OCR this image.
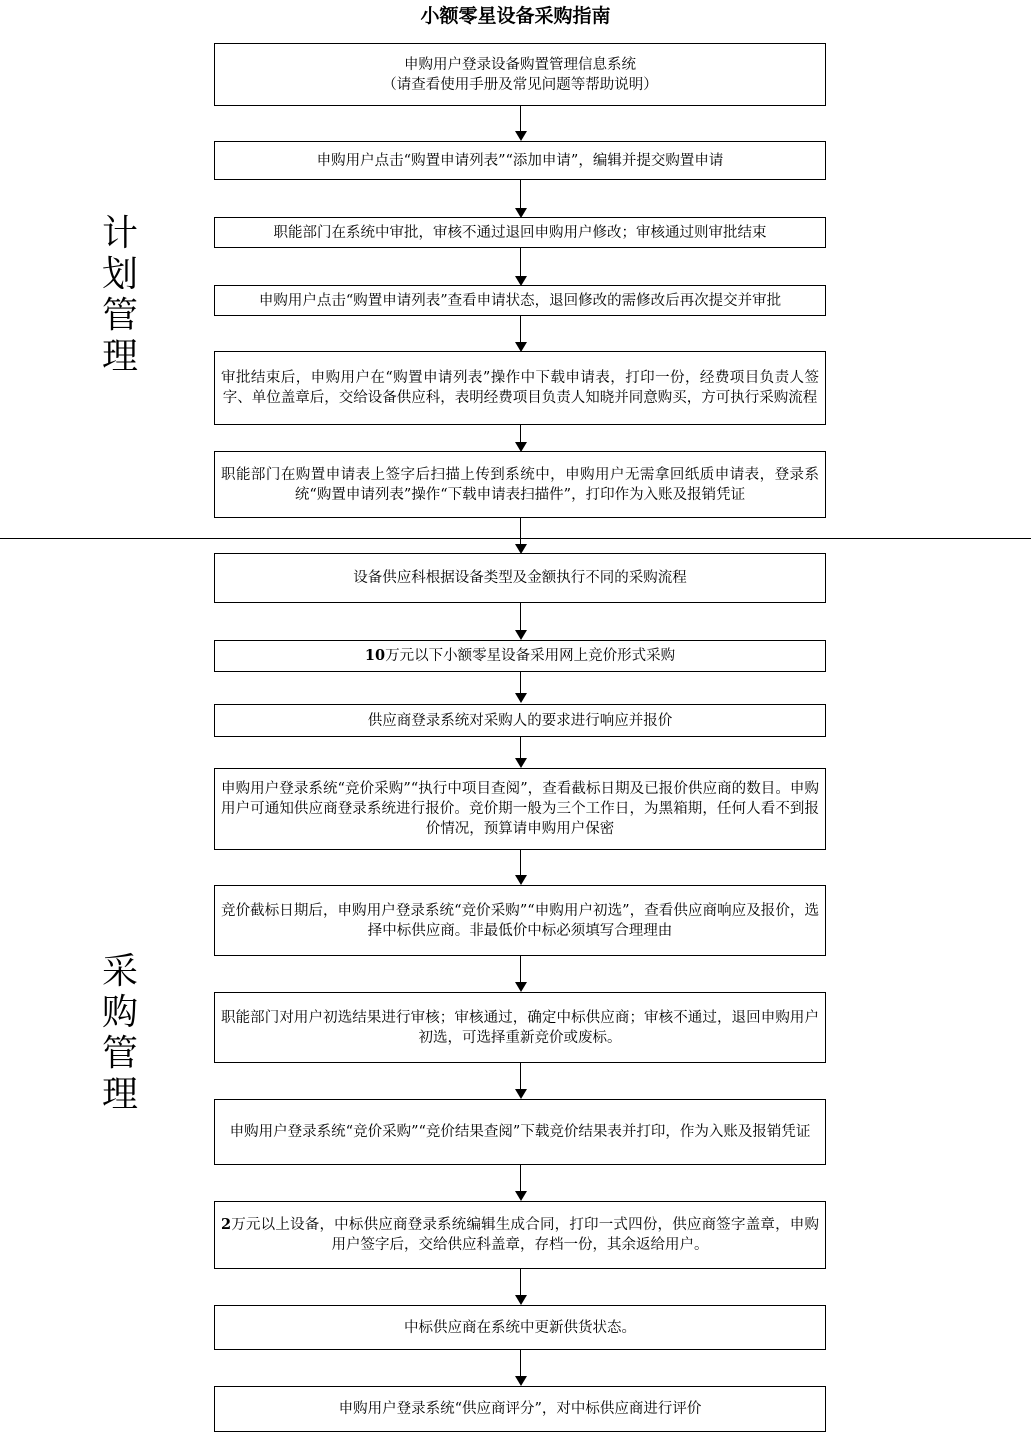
小额零星设备采购指南
计
划
管
理
采
购
管
理
申购用户登录设备购置管理信息系统
（请查看使用手册及常见问题等帮助说明）
申购用户点击“购置申请列表”“添加申请”，编辑并提交购置申请
职能部门在系统中审批，审核不通过退回申购用户修改；审核通过则审批结束
申购用户点击“购置申请列表”查看申请状态，退回修改的需修改后再次提交并审批
审批结束后，申购用户在“购置申请列表”操作中下载申请表，打印一份，经费项目负责人签字、单位盖章后，交给设备供应科，表明经费项目负责人知晓并同意购买，方可执行采购流程
职能部门在购置申请表上签字后扫描上传到系统中，申购用户无需拿回纸质申请表，登录系统“购置申请列表”操作“下载申请表扫描件”，打印作为入账及报销凭证
设备供应科根据设备类型及金额执行不同的采购流程
10万元以下小额零星设备采用网上竞价形式采购
供应商登录系统对采购人的要求进行响应并报价
申购用户登录系统“竞价采购”“执行中项目查阅”，查看截标日期及已报价供应商的数目。申购用户可通知供应商登录系统进行报价。竞价期一般为三个工作日，为黑箱期，任何人看不到报价情况，预算请申购用户保密
竞价截标日期后，申购用户登录系统“竞价采购”“申购用户初选”，查看供应商响应及报价，选择中标供应商。非最低价中标必须填写合理理由
职能部门对用户初选结果进行审核；审核通过，确定中标供应商；审核不通过，退回申购用户初选，可选择重新竞价或废标。
申购用户登录系统“竞价采购”“竞价结果查阅”下载竞价结果表并打印，作为入账及报销凭证
2万元以上设备，中标供应商登录系统编辑生成合同，打印一式四份，供应商签字盖章，申购用户签字后，交给供应科盖章，存档一份，其余返给用户。
中标供应商在系统中更新供货状态。
申购用户登录系统“供应商评分”，对中标供应商进行评价
